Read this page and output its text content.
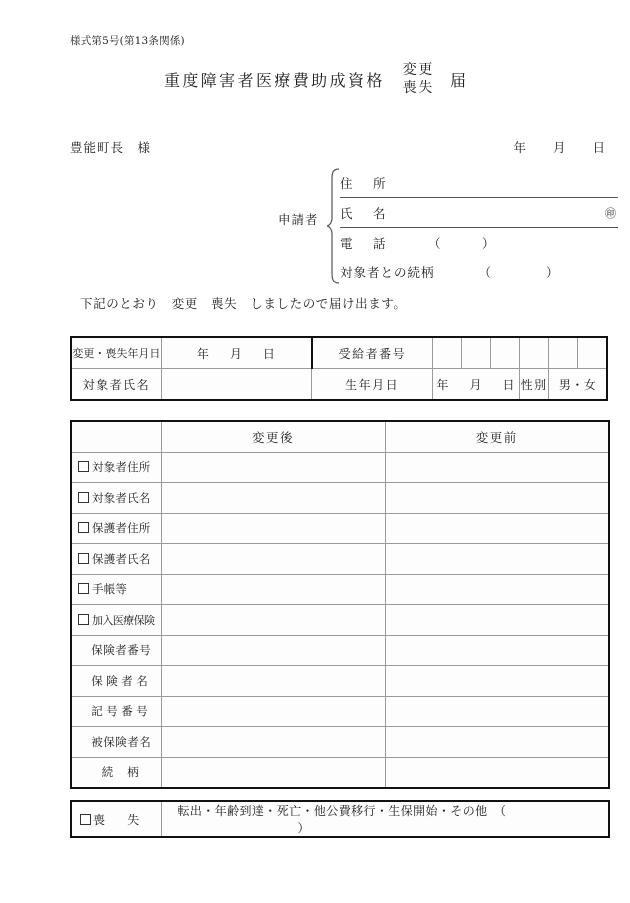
様式第5号(第13条関係)
重度障害者医療費助成資格
変更
喪失 届
豊能町長　様	年 月 日
申請者
住　所
氏　名	㊞
電　話	（　　　）
対象者との続柄	（　　　　）
下記のとおり　変更　喪失　しましたので届け出ます。
変更・喪失年月日	年 月 日	受給者番号						
対象者氏名		生年月日	年 月 日			性別	男・女	
	変更後	変更前
対象者住所		
対象者氏名		
保護者住所		
保護者氏名		
手帳等		
加入医療保険		
保険者番号		
保険者名		
記号番号		
被保険者名		
続柄		
喪 失	転出・年齢到達・死亡・他公費移行・生保開始・その他　（）
